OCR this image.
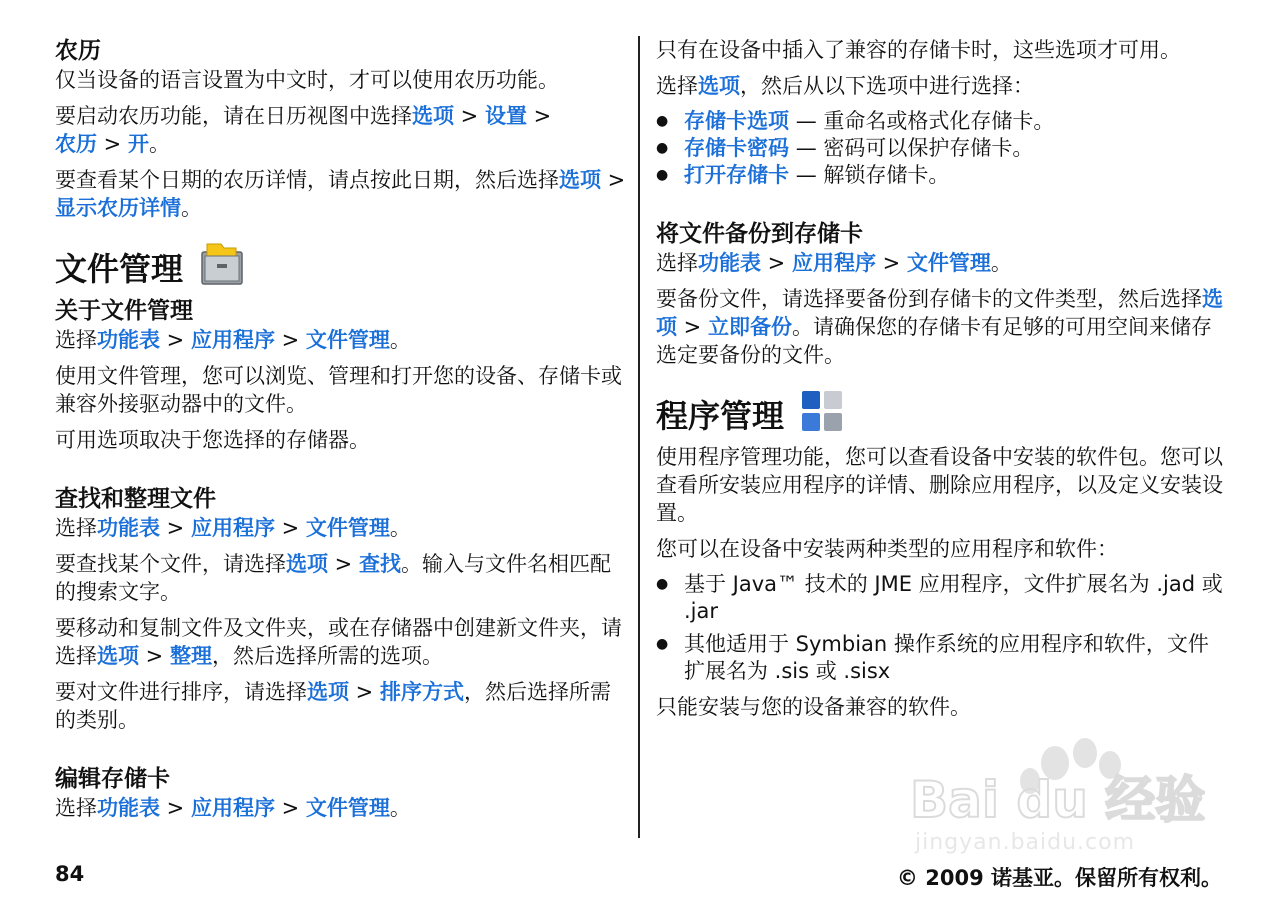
农历

仅当设备的语言设置为中文时，才可以使用农历功能。

要启动农历功能，请在日历视图中选择选项 > 设置 >
农历 > 开。

要查看某个日期的农历详情，请点按此日期，然后选择选项 > 显示农历详情。

文件管理
关于文件管理

选择功能表 > 应用程序 > 文件管理。

使用文件管理，您可以浏览、管理和打开您的设备、存储卡或兼容外接驱动器中的文件。

可用选项取决于您选择的存储器。

查找和整理文件

选择功能表 > 应用程序 > 文件管理。

要查找某个文件，请选择选项 > 查找。输入与文件名相匹配的搜索文字。

要移动和复制文件及文件夹，或在存储器中创建新文件夹，请选择选项 > 整理，然后选择所需的选项。

要对文件进行排序，请选择选项 > 排序方式，然后选择所需的类别。

编辑存储卡

选择功能表 > 应用程序 > 文件管理。

只有在设备中插入了兼容的存储卡时，这些选项才可用。

选择选项，然后从以下选项中进行选择：

● 存储卡选项 — 重命名或格式化存储卡。
● 存储卡密码 — 密码可以保护存储卡。
● 打开存储卡 — 解锁存储卡。
将文件备份到存储卡

选择功能表 > 应用程序 > 文件管理。

要备份文件，请选择要备份到存储卡的文件类型，然后选择选项 > 立即备份。请确保您的存储卡有足够的可用空间来储存选定要备份的文件。

程序管理

使用程序管理功能，您可以查看设备中安装的软件包。您可以查看所安装应用程序的详情、删除应用程序，以及定义安装设置。

您可以在设备中安装两种类型的应用程序和软件：

● 基于 Java™ 技术的 JME 应用程序，文件扩展名为 .jad 或 .jar
● 其他适用于 Symbian 操作系统的应用程序和软件，文件扩展名为 .sis 或 .sisx

只能安装与您的设备兼容的软件。

Bai du 经验
jingyan.baidu.com
84	© 2009 诺基亚。保留所有权利。
